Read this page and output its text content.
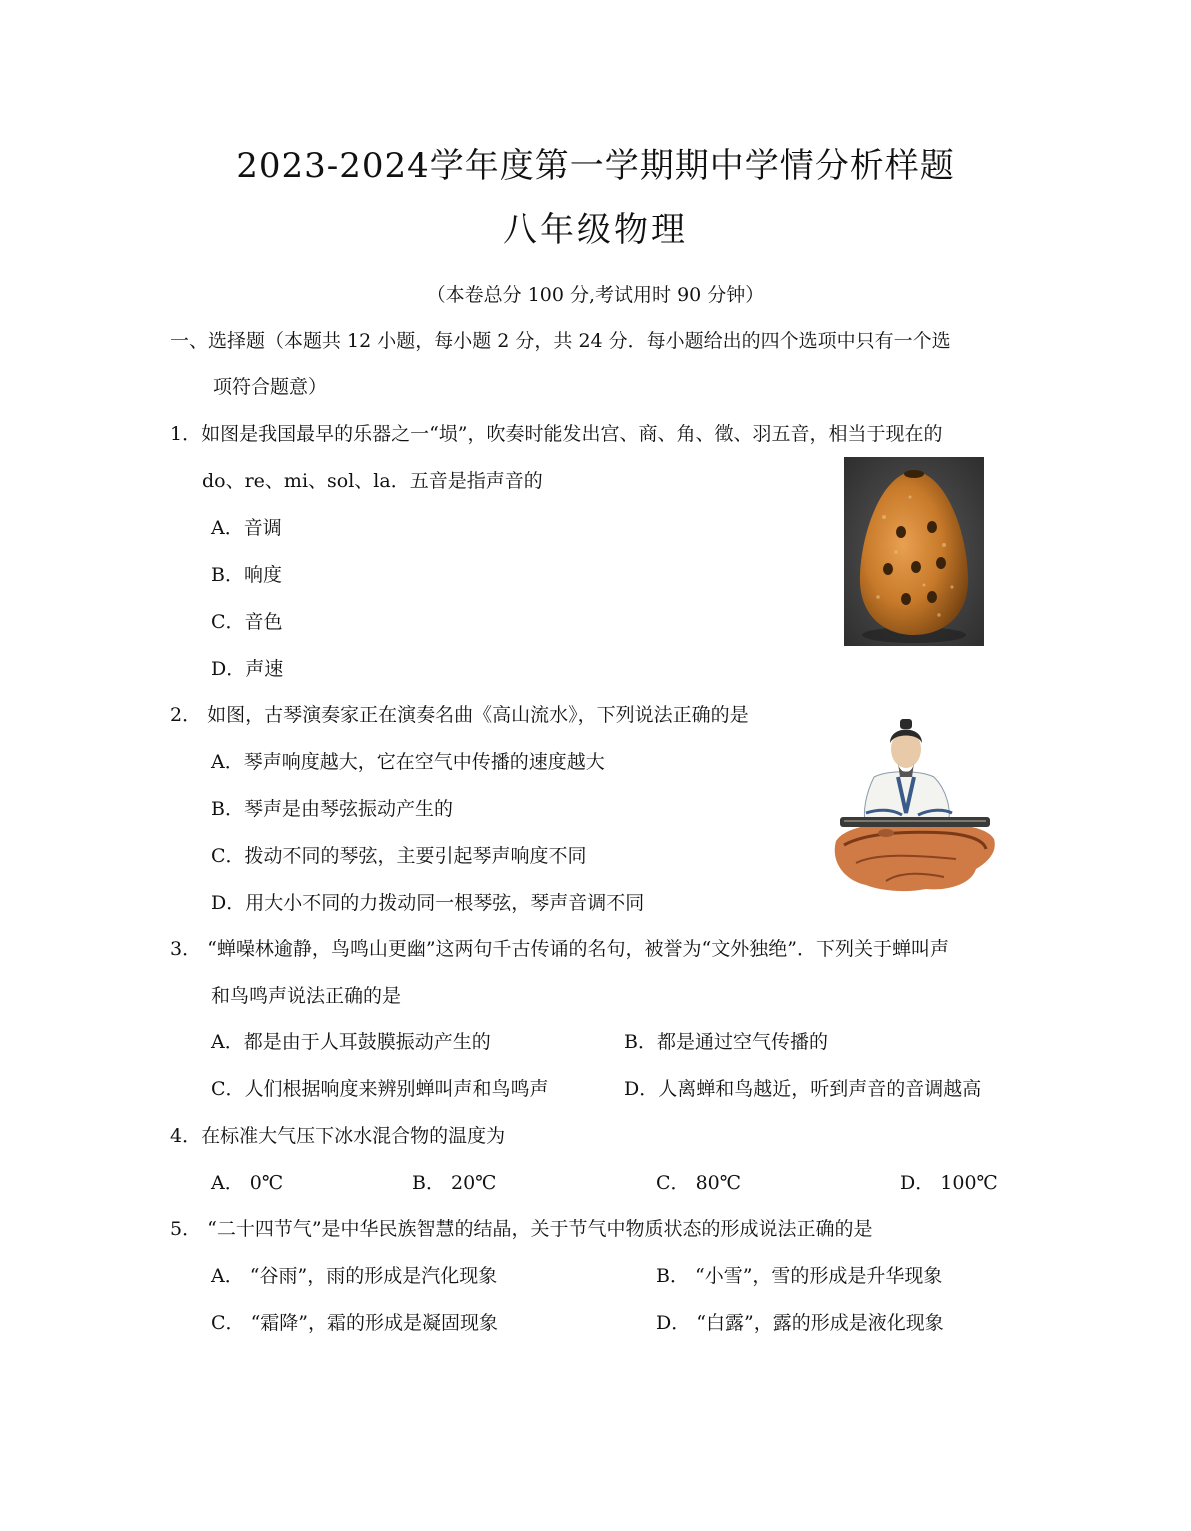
2023-2024学年度第一学期期中学情分析样题
八年级物理
（本卷总分 100 分,考试用时 90 分钟）
一、选择题（本题共 12 小题，每小题 2 分，共 24 分．每小题给出的四个选项中只有一个选
项符合题意）
1．如图是我国最早的乐器之一“埙”，吹奏时能发出宫、商、角、徵、羽五音，相当于现在的
do、re、mi、sol、la．五音是指声音的
A．音调
B．响度
C．音色
D．声速
2． 如图，古琴演奏家正在演奏名曲《高山流水》，下列说法正确的是
A．琴声响度越大，它在空气中传播的速度越大
B．琴声是由琴弦振动产生的
C．拨动不同的琴弦，主要引起琴声响度不同
D．用大小不同的力拨动同一根琴弦，琴声音调不同
3． “蝉噪林逾静，鸟鸣山更幽”这两句千古传诵的名句，被誉为“文外独绝”．下列关于蝉叫声
和鸟鸣声说法正确的是
A．都是由于人耳鼓膜振动产生的	B．都是通过空气传播的
C．人们根据响度来辨别蝉叫声和鸟鸣声	D．人离蝉和鸟越近，听到声音的音调越高
4．在标准大气压下冰水混合物的温度为
A． 0℃	B． 20℃	C． 80℃	D． 100℃
5． “二十四节气”是中华民族智慧的结晶，关于节气中物质状态的形成说法正确的是
A． “谷雨”，雨的形成是汽化现象	B． “小雪”，雪的形成是升华现象
C． “霜降”，霜的形成是凝固现象	D． “白露”，露的形成是液化现象
